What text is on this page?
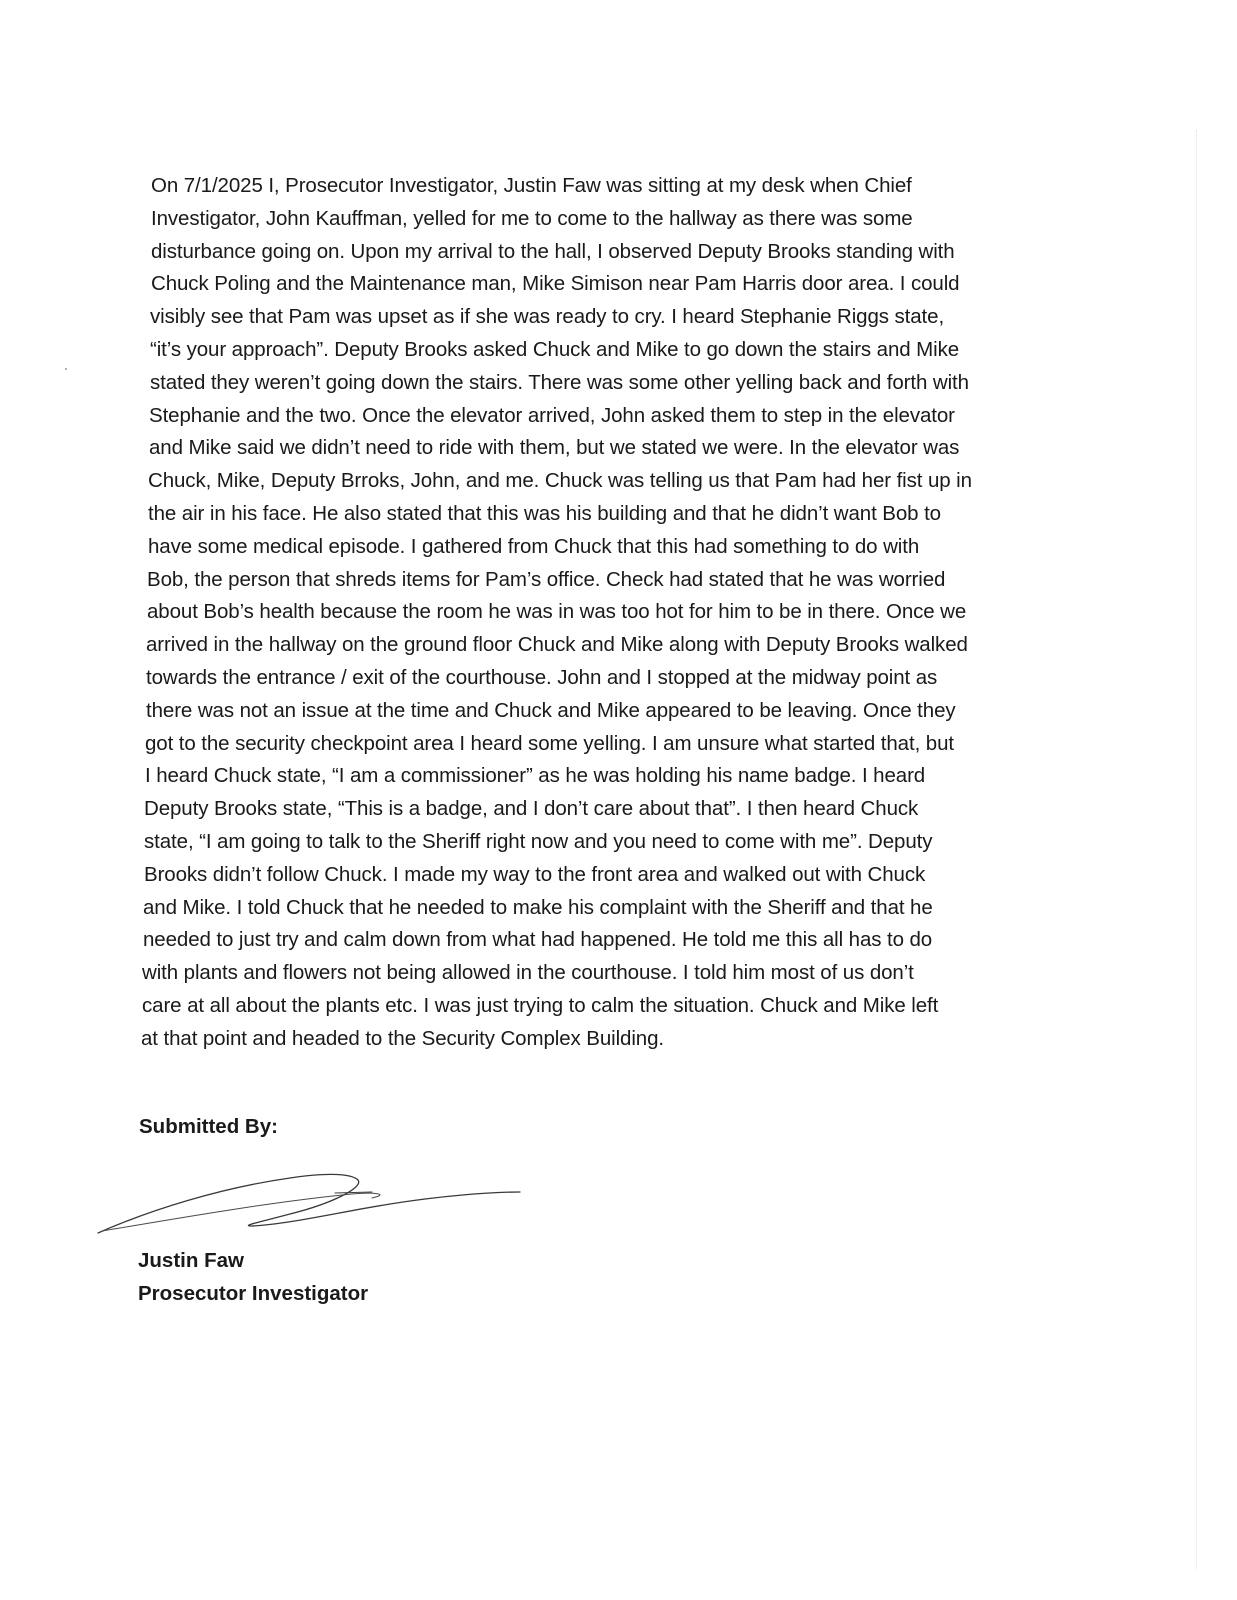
On 7/1/2025 I, Prosecutor Investigator, Justin Faw was sitting at my desk when Chief
Investigator, John Kauffman, yelled for me to come to the hallway as there was some
disturbance going on. Upon my arrival to the hall, I observed Deputy Brooks standing with
Chuck Poling and the Maintenance man, Mike Simison near Pam Harris door area. I could
visibly see that Pam was upset as if she was ready to cry. I heard Stephanie Riggs state,
“it’s your approach”. Deputy Brooks asked Chuck and Mike to go down the stairs and Mike
stated they weren’t going down the stairs. There was some other yelling back and forth with
Stephanie and the two. Once the elevator arrived, John asked them to step in the elevator
and Mike said we didn’t need to ride with them, but we stated we were. In the elevator was
Chuck, Mike, Deputy Brroks, John, and me. Chuck was telling us that Pam had her fist up in
the air in his face. He also stated that this was his building and that he didn’t want Bob to
have some medical episode. I gathered from Chuck that this had something to do with
Bob, the person that shreds items for Pam’s office. Check had stated that he was worried
about Bob’s health because the room he was in was too hot for him to be in there. Once we
arrived in the hallway on the ground floor Chuck and Mike along with Deputy Brooks walked
towards the entrance / exit of the courthouse. John and I stopped at the midway point as
there was not an issue at the time and Chuck and Mike appeared to be leaving. Once they
got to the security checkpoint area I heard some yelling. I am unsure what started that, but
I heard Chuck state, “I am a commissioner” as he was holding his name badge. I heard
Deputy Brooks state, “This is a badge, and I don’t care about that”. I then heard Chuck
state, “I am going to talk to the Sheriff right now and you need to come with me”. Deputy
Brooks didn’t follow Chuck. I made my way to the front area and walked out with Chuck
and Mike. I told Chuck that he needed to make his complaint with the Sheriff and that he
needed to just try and calm down from what had happened. He told me this all has to do
with plants and flowers not being allowed in the courthouse. I told him most of us don’t
care at all about the plants etc. I was just trying to calm the situation. Chuck and Mike left
at that point and headed to the Security Complex Building.
Submitted By:
Justin Faw
Prosecutor Investigator
